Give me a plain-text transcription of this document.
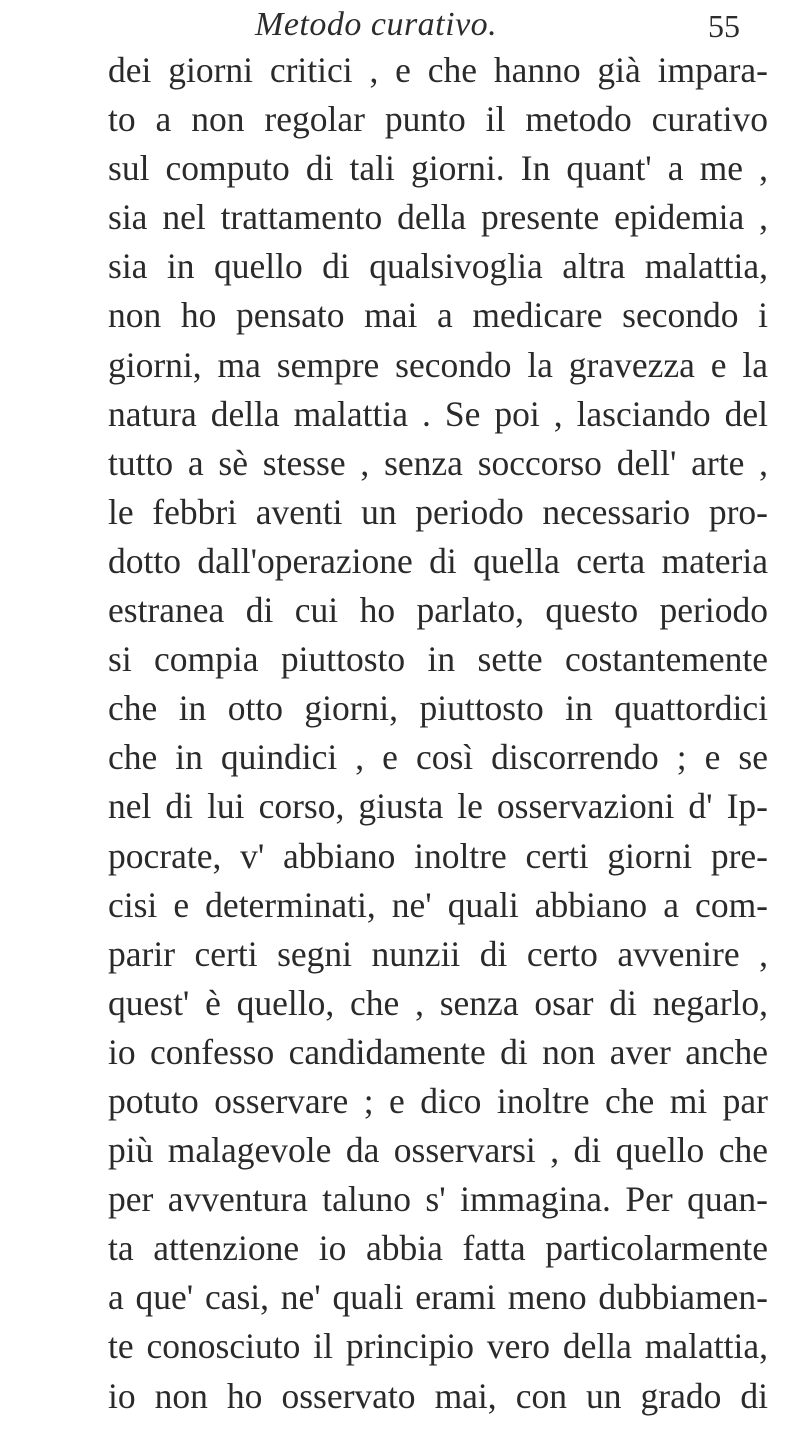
Metodo curativo.	55
dei giorni critici , e che hanno già impara-
to a non regolar punto il metodo curativo
sul computo di tali giorni. In quant' a me ,
sia nel trattamento della presente epidemia ,
sia in quello di qualsivoglia altra malattia,
non ho pensato mai a medicare secondo i
giorni, ma sempre secondo la gravezza e la
natura della malattia . Se poi , lasciando del
tutto a sè stesse , senza soccorso dell' arte ,
le febbri aventi un periodo necessario pro-
dotto dall'operazione di quella certa materia
estranea di cui ho parlato, questo periodo
si compia piuttosto in sette costantemente
che in otto giorni, piuttosto in quattordici
che in quindici , e così discorrendo ; e se
nel di lui corso, giusta le osservazioni d' Ip-
pocrate, v' abbiano inoltre certi giorni pre-
cisi e determinati, ne' quali abbiano a com-
parir certi segni nunzii di certo avvenire ,
quest' è quello, che , senza osar di negarlo,
io confesso candidamente di non aver anche
potuto osservare ; e dico inoltre che mi par
più malagevole da osservarsi , di quello che
per avventura taluno s' immagina. Per quan-
ta attenzione io abbia fatta particolarmente
a que' casi, ne' quali erami meno dubbiamen-
te conosciuto il principio vero della malattia,
io non ho osservato mai, con un grado di
